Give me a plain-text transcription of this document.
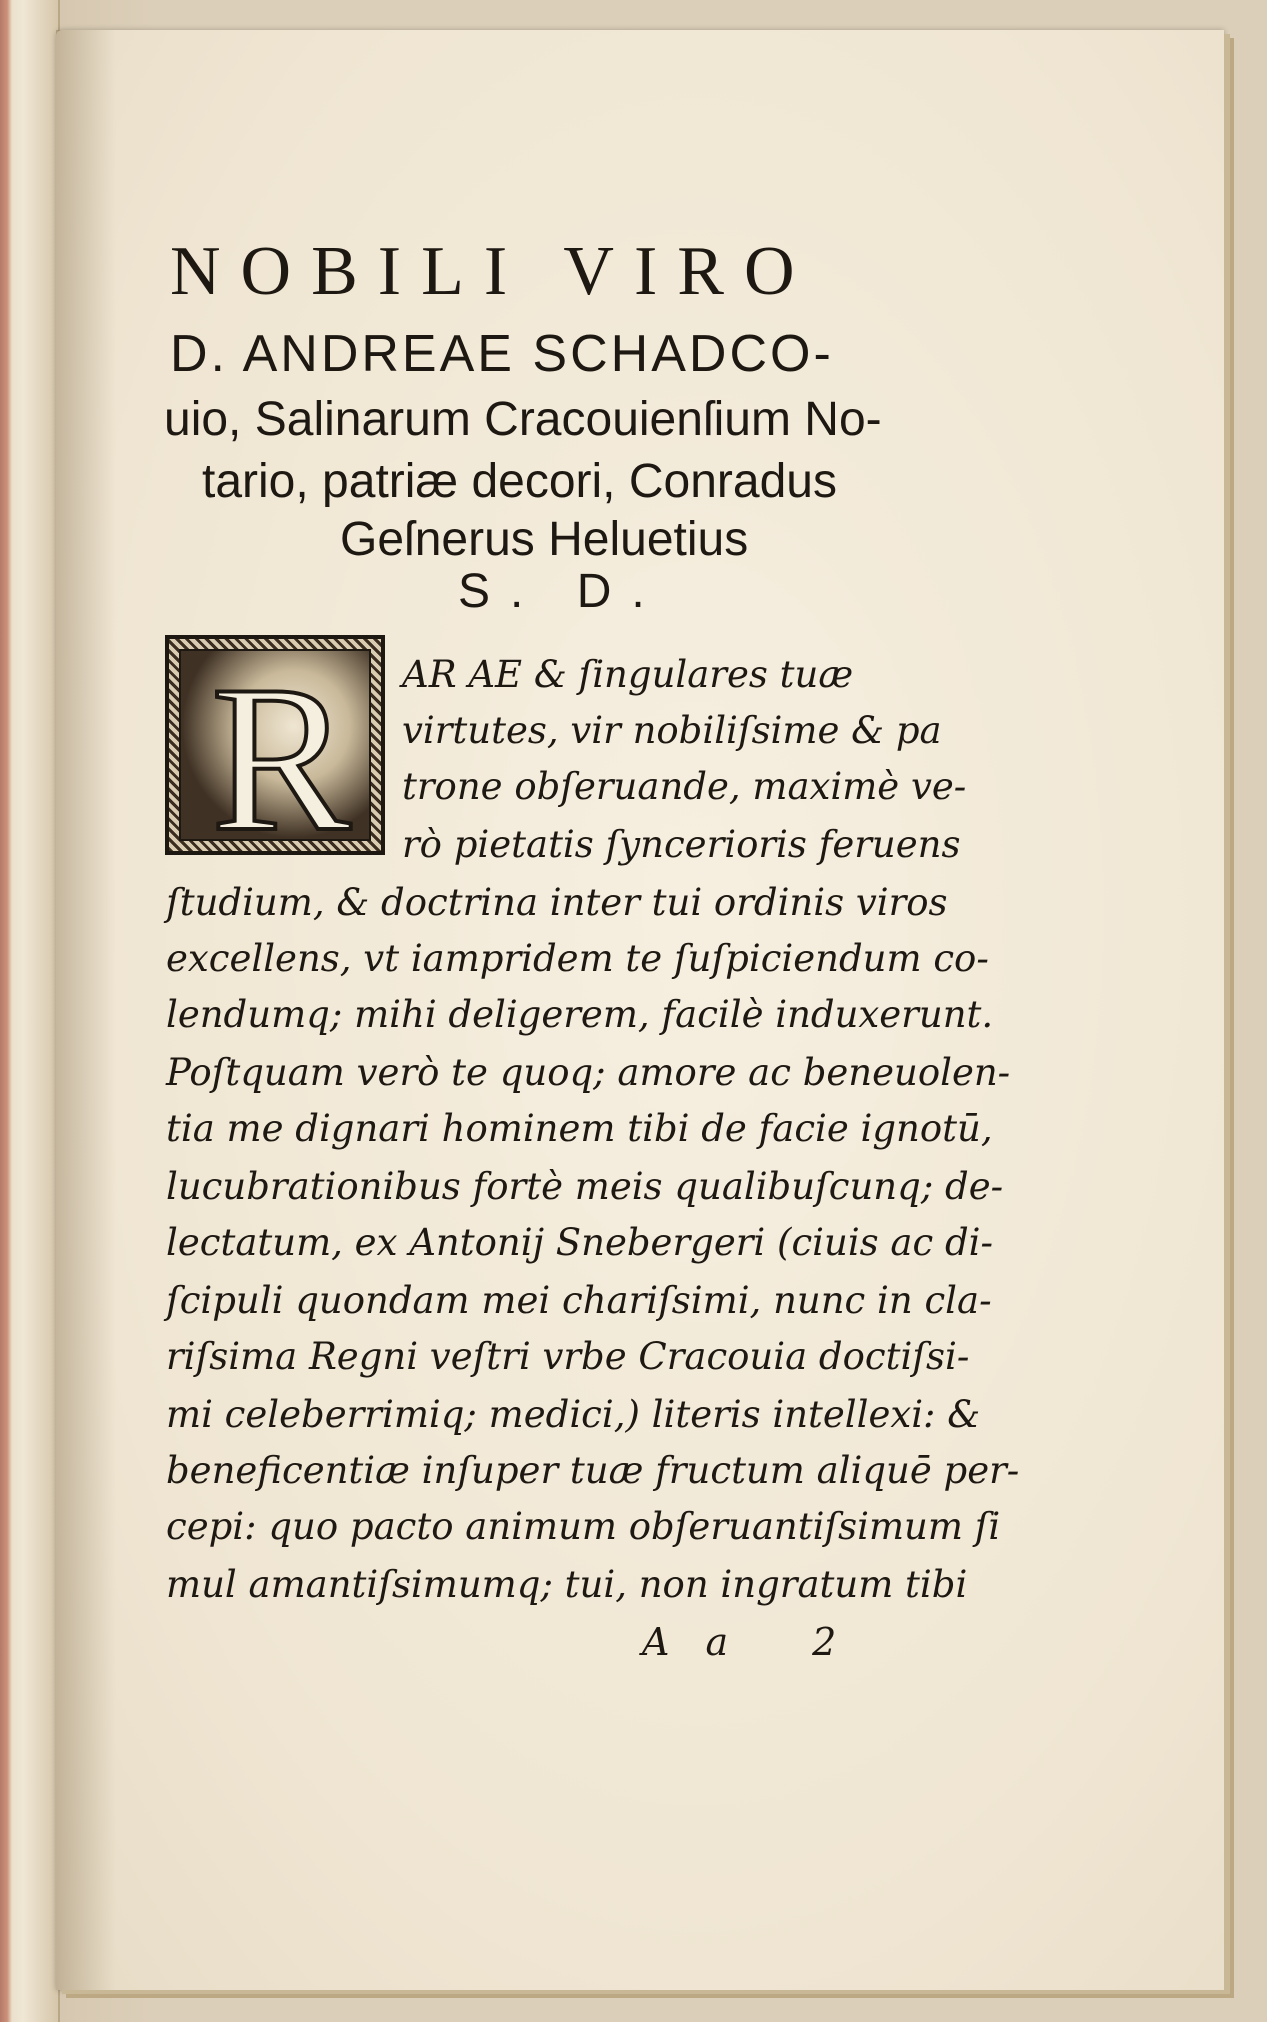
NOBILI VIRO
D. ANDREAE SCHADCO-
uio, Salinarum Cracouienſium No-
tario, patriæ decori, Conradus
Geſnerus Heluetius
S. D.
R	AR AE & ſingulares tuæ
virtutes, vir nobiliſsime & pa
trone obſeruande, maximè ve-
rò pietatis ſyncerioris feruens
ſtudium, & doctrina inter tui ordinis viros
excellens, vt iampridem te ſuſpiciendum co-
lendumq; mihi deligerem, facilè induxerunt.
Poſtquam verò te quoq; amore ac beneuolen-
tia me dignari hominem tibi de facie ignotū,
lucubrationibus fortè meis qualibuſcunq; de-
lectatum, ex Antonij Snebergeri (ciuis ac di-
ſcipuli quondam mei chariſsimi, nunc in cla-
riſsima Regni veſtri vrbe Cracouia doctiſsi-
mi celeberrimiq; medici,) literis intellexi: &
beneficentiæ inſuper tuæ fructum aliquē per-
cepi: quo pacto animum obſeruantiſsimum ſi
mul amantiſsimumq; tui, non ingratum tibi
Aa 2
